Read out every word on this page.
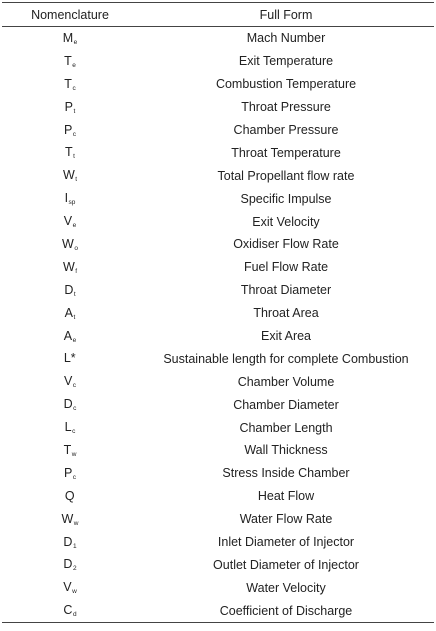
Nomenclature	Full Form
$M_e$	Mach Number
$T_e$	Exit Temperature
$T_c$	Combustion Temperature
$P_t$	Throat Pressure
$P_c$	Chamber Pressure
$T_t$	Throat Temperature
$W_t$	Total Propellant flow rate
$I_{sp}$	Specific Impulse
$V_e$	Exit Velocity
$W_o$	Oxidiser Flow Rate
$W_f$	Fuel Flow Rate
$D_t$	Throat Diameter
$A_t$	Throat Area
$A_e$	Exit Area
L*	Sustainable length for complete Combustion
$V_c$	Chamber Volume
$D_c$	Chamber Diameter
$L_c$	Chamber Length
$T_w$	Wall Thickness
$P_c$	Stress Inside Chamber
Q	Heat Flow
$W_w$	Water Flow Rate
$D_1$	Inlet Diameter of Injector
$D_2$	Outlet Diameter of Injector
$V_w$	Water Velocity
$C_d$	Coefficient of Discharge
